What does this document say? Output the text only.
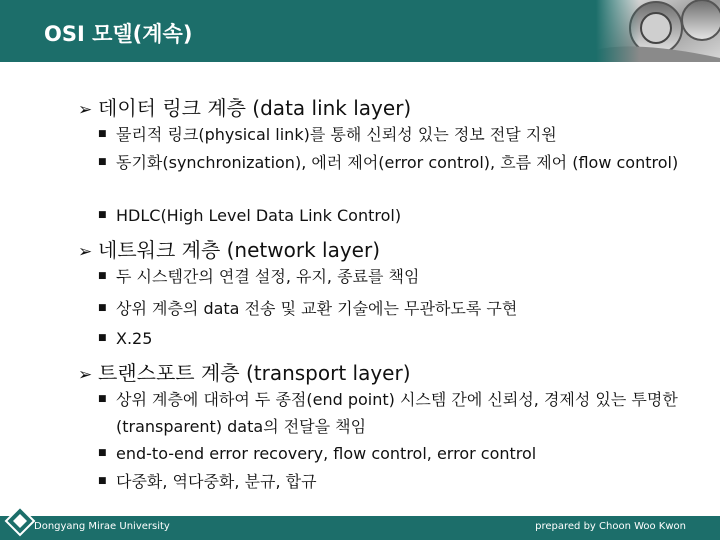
OSI 모델(계속)
➢ 데이터 링크 계층 (data link layer)
■ 물리적 링크(physical link)를 통해 신뢰성 있는 정보 전달 지원
■ 동기화(synchronization), 에러 제어(error control), 흐름 제어 (flow control)
■ HDLC(High Level Data Link Control)
➢ 네트워크 계층 (network layer)
■ 두 시스템간의 연결 설정, 유지, 종료를 책임
■ 상위 계층의 data 전송 및 교환 기술에는 무관하도록 구현
■ X.25
➢ 트랜스포트 계층 (transport layer)
■ 상위 계층에 대하여 두 종점(end point) 시스템 간에 신뢰성, 경제성 있는 투명한(transparent) data의 전달을 책임
■ end-to-end error recovery, flow control, error control
■ 다중화, 역다중화, 분규, 합규
Dongyang Mirae University	prepared by Choon Woo Kwon
